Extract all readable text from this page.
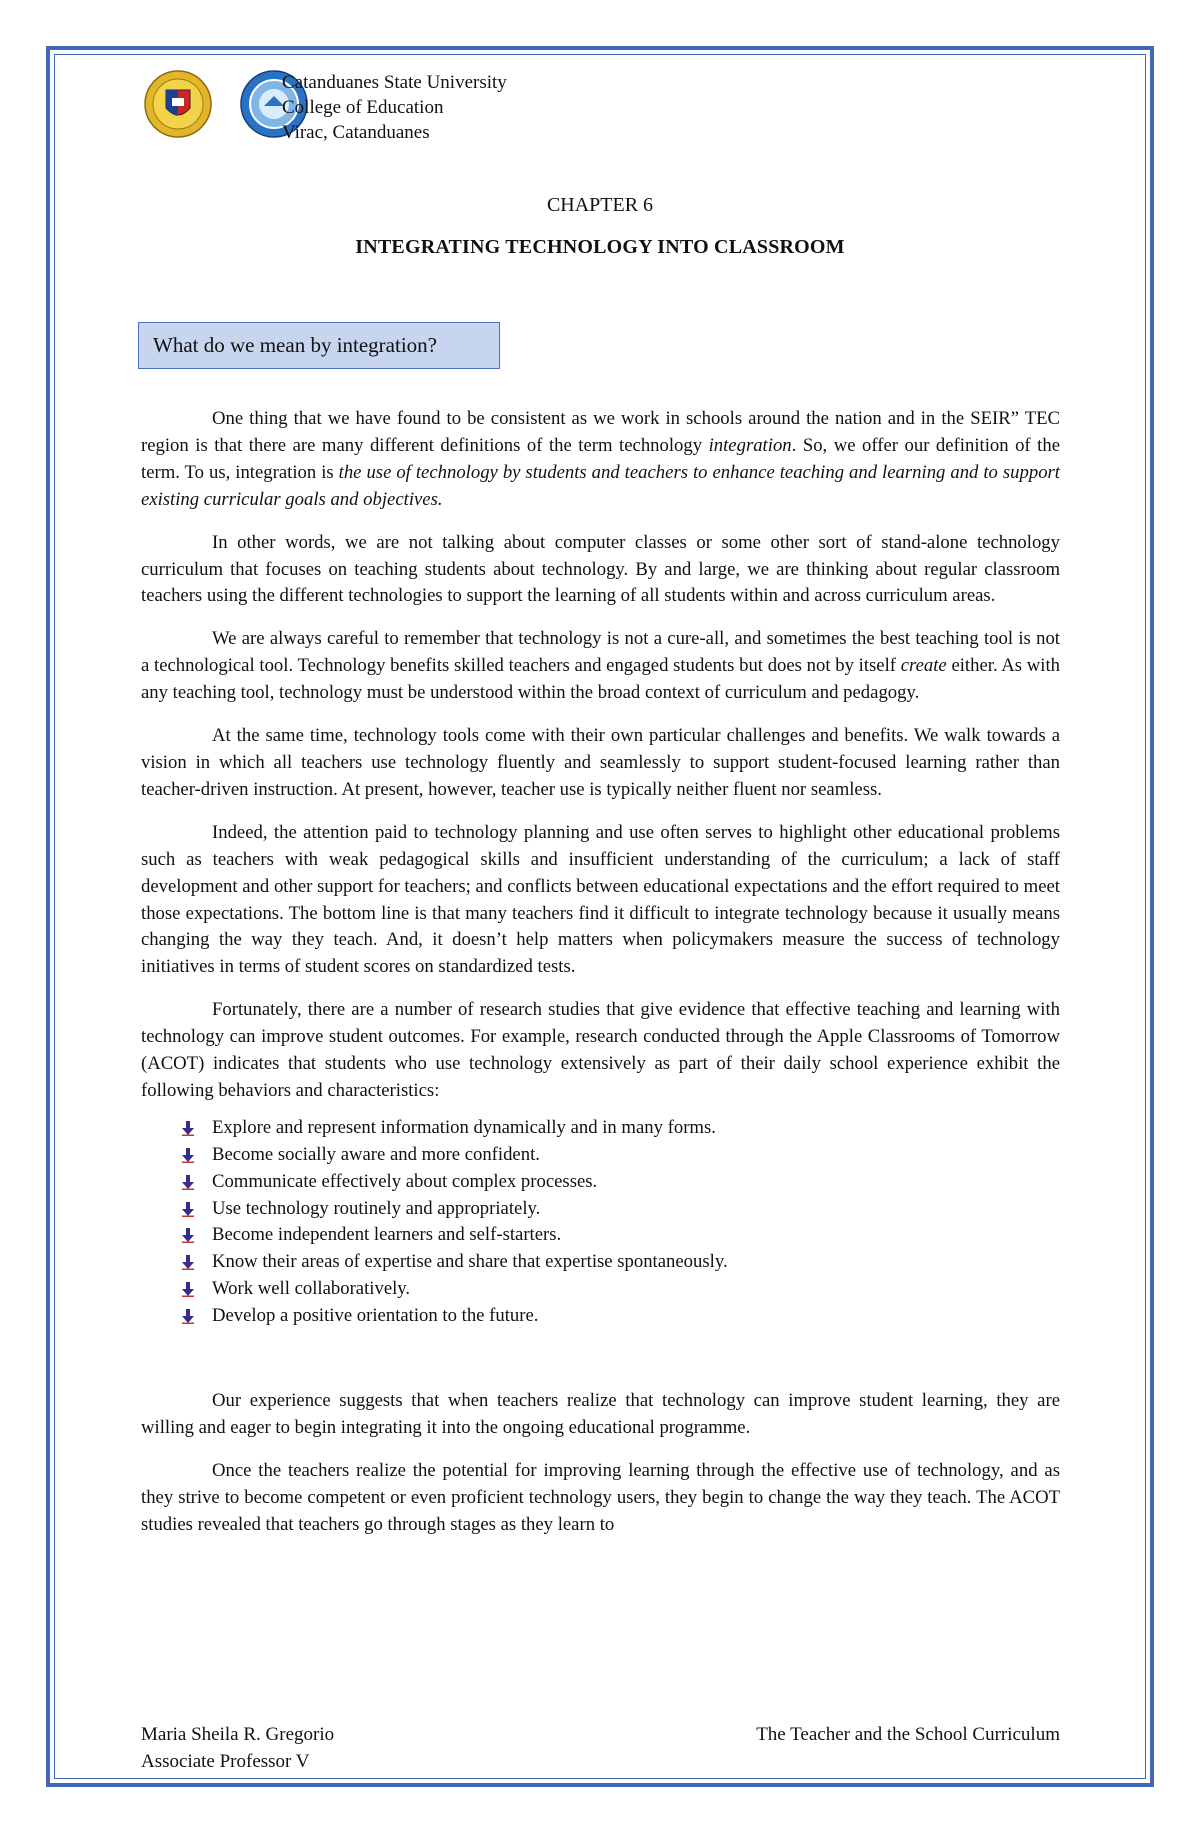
Catanduanes State University
College of Education
Virac, Catanduanes
CHAPTER 6
INTEGRATING TECHNOLOGY INTO CLASSROOM
What do we mean by integration?

One thing that we have found to be consistent as we work in schools around the nation and in the SEIR” TEC region is that there are many different definitions of the term technology integration. So, we offer our definition of the term. To us, integration is the use of technology by students and teachers to enhance teaching and learning and to support existing curricular goals and objectives.

In other words, we are not talking about computer classes or some other sort of stand-alone technology curriculum that focuses on teaching students about technology. By and large, we are thinking about regular classroom teachers using the different technologies to support the learning of all students within and across curriculum areas.

We are always careful to remember that technology is not a cure-all, and sometimes the best teaching tool is not a technological tool. Technology benefits skilled teachers and engaged students but does not by itself create either. As with any teaching tool, technology must be understood within the broad context of curriculum and pedagogy.

At the same time, technology tools come with their own particular challenges and benefits. We walk towards a vision in which all teachers use technology fluently and seamlessly to support student-focused learning rather than teacher-driven instruction. At present, however, teacher use is typically neither fluent nor seamless.

Indeed, the attention paid to technology planning and use often serves to highlight other educational problems such as teachers with weak pedagogical skills and insufficient understanding of the curriculum; a lack of staff development and other support for teachers; and conflicts between educational expectations and the effort required to meet those expectations. The bottom line is that many teachers find it difficult to integrate technology because it usually means changing the way they teach. And, it doesn’t help matters when policymakers measure the success of technology initiatives in terms of student scores on standardized tests.

Fortunately, there are a number of research studies that give evidence that effective teaching and learning with technology can improve student outcomes. For example, research conducted through the Apple Classrooms of Tomorrow (ACOT) indicates that students who use technology extensively as part of their daily school experience exhibit the following behaviors and characteristics:

Explore and represent information dynamically and in many forms.
Become socially aware and more confident.
Communicate effectively about complex processes.
Use technology routinely and appropriately.
Become independent learners and self-starters.
Know their areas of expertise and share that expertise spontaneously.
Work well collaboratively.
Develop a positive orientation to the future.

Our experience suggests that when teachers realize that technology can improve student learning, they are willing and eager to begin integrating it into the ongoing educational programme.

Once the teachers realize the potential for improving learning through the effective use of technology, and as they strive to become competent or even proficient technology users, they begin to change the way they teach. The ACOT studies revealed that teachers go through stages as they learn to

Maria Sheila R. Gregorio
Associate Professor V
The Teacher and the School Curriculum
